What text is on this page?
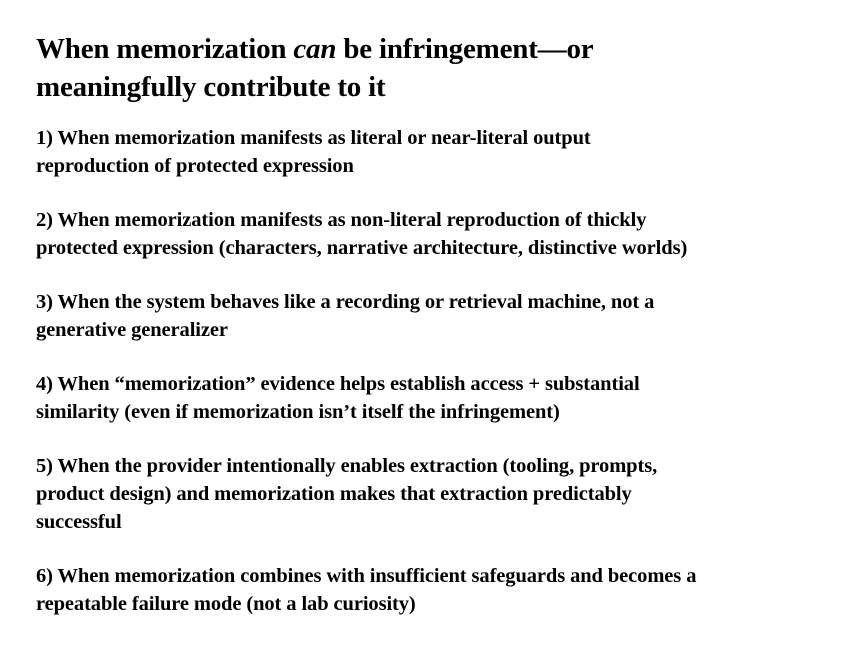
When memorization can be infringement—or
meaningfully contribute to it
1) When memorization manifests as literal or near-literal output
reproduction of protected expression
2) When memorization manifests as non-literal reproduction of thickly
protected expression (characters, narrative architecture, distinctive worlds)
3) When the system behaves like a recording or retrieval machine, not a
generative generalizer
4) When “memorization” evidence helps establish access + substantial
similarity (even if memorization isn’t itself the infringement)
5) When the provider intentionally enables extraction (tooling, prompts,
product design) and memorization makes that extraction predictably
successful
6) When memorization combines with insufficient safeguards and becomes a
repeatable failure mode (not a lab curiosity)
